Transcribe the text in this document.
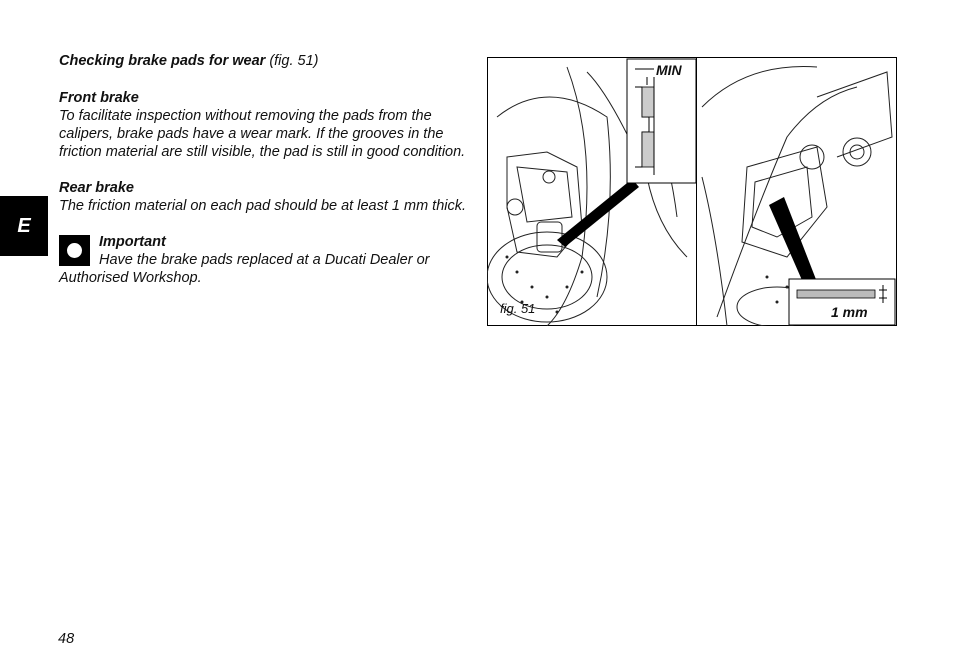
E

Checking brake pads for wear (fig. 51)

Front brake

To facilitate inspection without removing the pads from the calipers, brake pads have a wear mark. If the grooves in the friction material are still visible, the pad is still in good condition.

Rear brake

The friction material on each pad should be at least 1 mm thick.

Important

Have the brake pads replaced at a Ducati Dealer or

Authorised Workshop.

MIN
1 mm
fig. 51
48
